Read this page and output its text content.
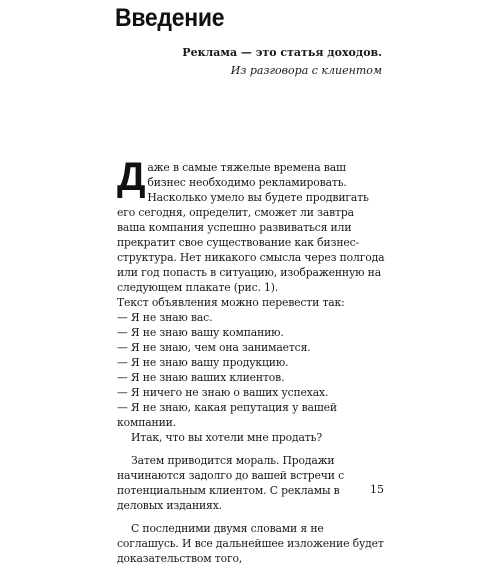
Введение
Реклама — это статья доходов.
Из разговора с клиентом

Даже в самые тяжелые времена ваш бизнес необходимо рекламировать. Насколько умело вы будете продвигать его сегодня, определит, сможет ли завтра ваша компания успешно развиваться или прекратит свое существование как бизнес-структура. Нет никакого смысла через полгода или год попасть в ситуацию, изображенную на следующем плакате (рис. 1).

Текст объявления можно перевести так:

— Я не знаю вас.

— Я не знаю вашу компанию.

— Я не знаю, чем она занимается.

— Я не знаю вашу продукцию.

— Я не знаю ваших клиентов.

— Я ничего не знаю о ваших успехах.

— Я не знаю, какая репутация у вашей компании.

Итак, что вы хотели мне продать?

Затем приводится мораль. Продажи начинаются задолго до вашей встречи с потенциальным клиентом. С рекламы в деловых изданиях.

С последними двумя словами я не соглашусь. И все дальнейшее изложение будет доказательством того,

15
